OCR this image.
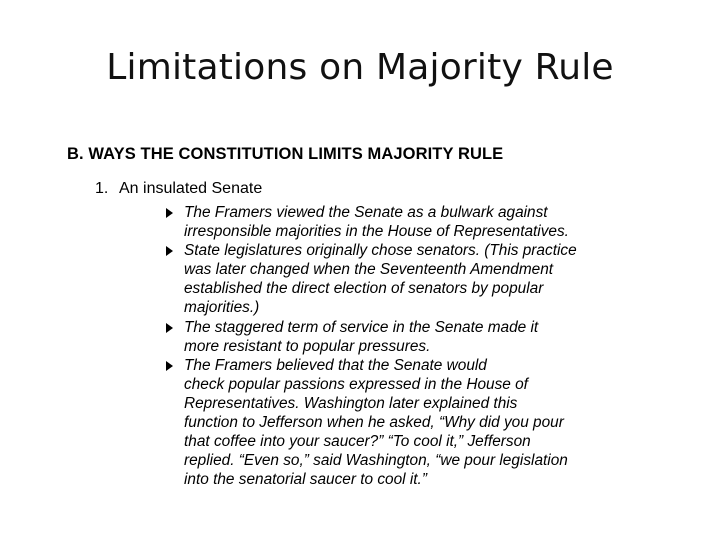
Limitations on Majority Rule
B. WAYS THE CONSTITUTION LIMITS MAJORITY RULE
1. An insulated Senate
The Framers viewed the Senate as a bulwark against
irresponsible majorities in the House of Representatives.
State legislatures originally chose senators. (This practice
was later changed when the Seventeenth Amendment
established the direct election of senators by popular
majorities.)
The staggered term of service in the Senate made it
more resistant to popular pressures.
The Framers believed that the Senate would
check popular passions expressed in the House of
Representatives. Washington later explained this
function to Jefferson when he asked, “Why did you pour
that coffee into your saucer?” “To cool it,” Jefferson
replied. “Even so,” said Washington, “we pour legislation
into the senatorial saucer to cool it.”
